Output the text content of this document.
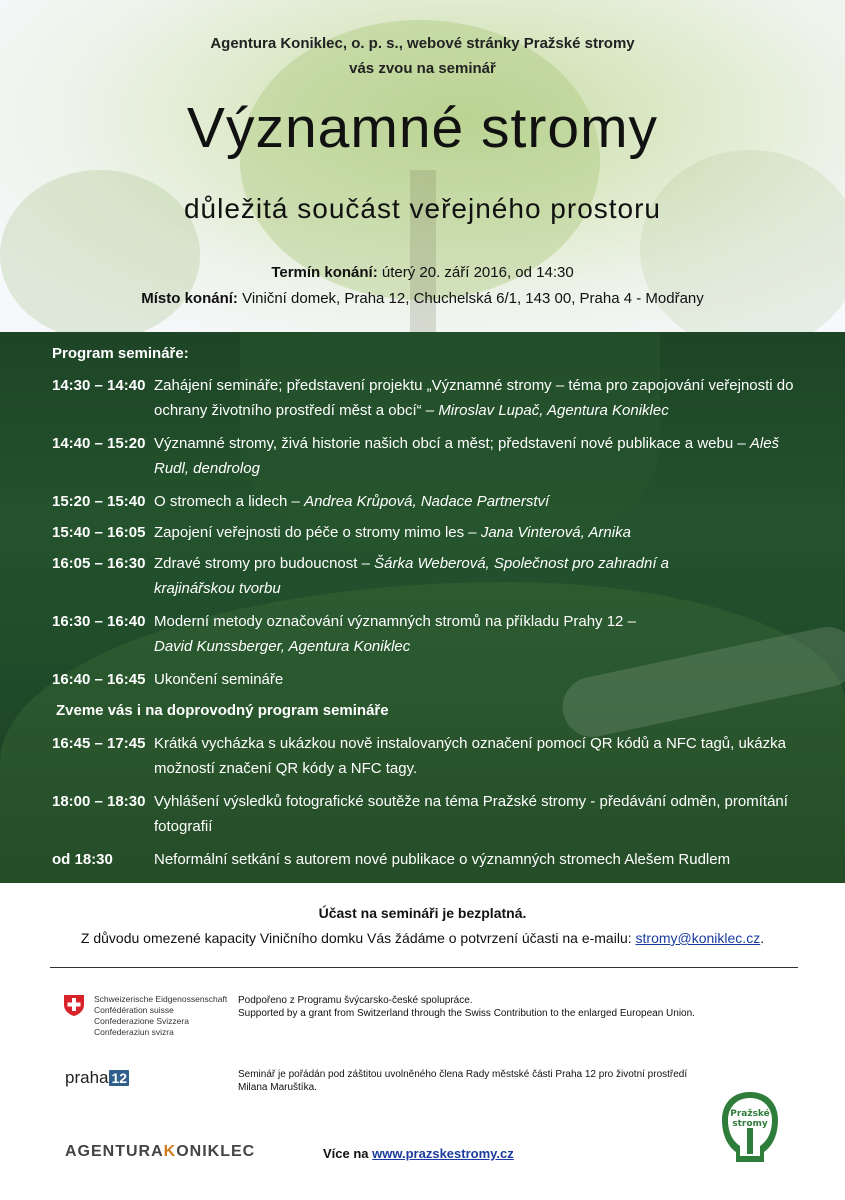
Agentura Koniklec, o. p. s., webové stránky Pražské stromy
vás zvou na seminář
Významné stromy
důležitá součást veřejného prostoru
Termín konání: úterý 20. září 2016, od 14:30
Místo konání: Viniční domek, Praha 12, Chuchelská 6/1, 143 00, Praha 4 - Modřany
Program semináře:
14:30 – 14:40 Zahájení semináře; představení projektu „Významné stromy – téma pro zapojování veřejnosti do ochrany životního prostředí měst a obcí“ – Miroslav Lupač, Agentura Koniklec
14:40 – 15:20 Významné stromy, živá historie našich obcí a měst; představení nové publikace a webu – Aleš Rudl, dendrolog
15:20 – 15:40 O stromech a lidech – Andrea Krůpová, Nadace Partnerství
15:40 – 16:05 Zapojení veřejnosti do péče o stromy mimo les – Jana Vinterová, Arnika
16:05 – 16:30 Zdravé stromy pro budoucnost – Šárka Weberová, Společnost pro zahradní a krajinářskou tvorbu
16:30 – 16:40 Moderní metody označování významných stromů na příkladu Prahy 12 – David Kunssberger, Agentura Koniklec
16:40 – 16:45 Ukončení semináře
Zveme vás i na doprovodný program semináře
16:45 – 17:45 Krátká vycházka s ukázkou nově instalovaných označení pomocí QR kódů a NFC tagů, ukázka možností značení QR kódy a NFC tagy.
18:00 – 18:30 Vyhlášení výsledků fotografické soutěže na téma Pražské stromy - předávání odměn, promítání fotografií
od 18:30	Neformální setkání s autorem nové publikace o významných stromech Alešem Rudlem
Účast na semináři je bezplatná.
Z důvodu omezené kapacity Viničního domku Vás žádáme o potvrzení účasti na e-mailu: stromy@koniklec.cz.
Schweizerische Eidgenossenschaft
Confédération suisse
Confederazione Svizzera
Confederaziun svizra
Podpořeno z Programu švýcarsko-české spolupráce.
Supported by a grant from Switzerland through the Swiss Contribution to the enlarged European Union.
praha 12	Seminář je pořádán pod záštitou uvolněného člena Rady městské části Praha 12 pro životní prostředí
Milana Maruštíka.
AGENTURAKONIKLEC	Více na www.prazskestromy.cz
Pražské
stromy
